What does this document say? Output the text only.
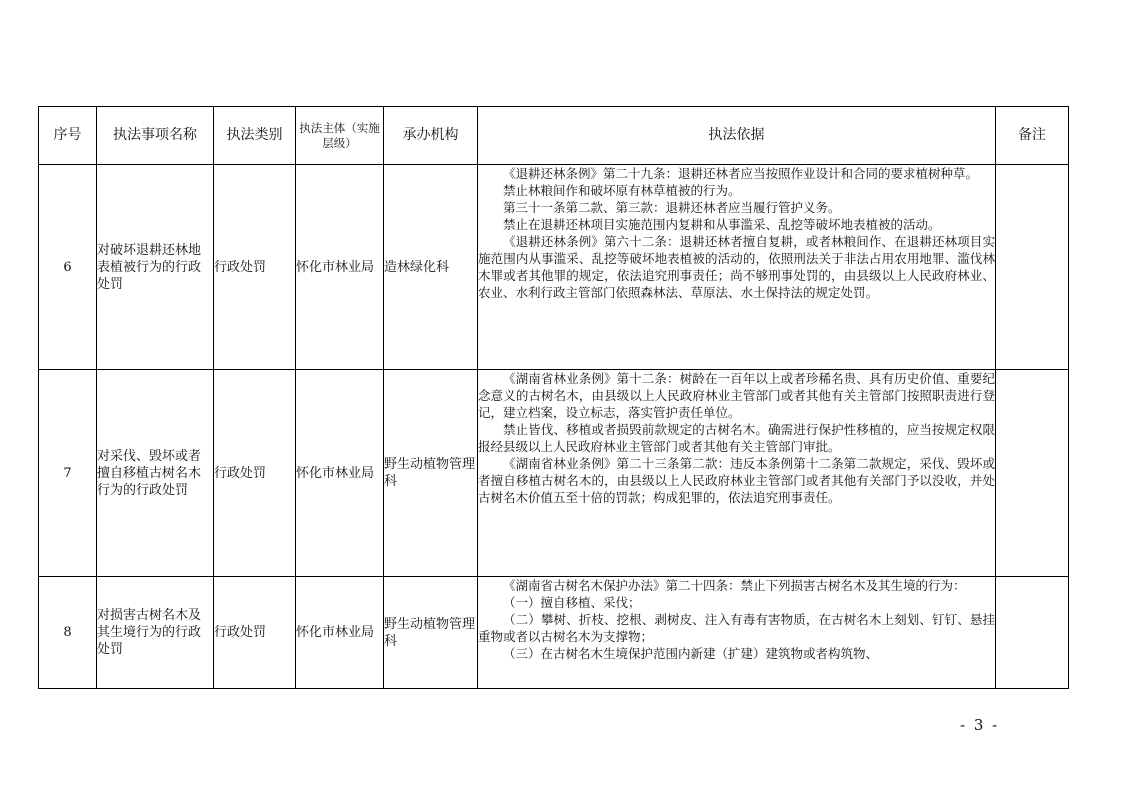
序号	执法事项名称	执法类别	执法主体（实施层级）	承办机构	执法依据	备注
6	对破坏退耕还林地表植被行为的行政处罚	行政处罚	怀化市林业局	造林绿化科	《退耕还林条例》第二十九条：退耕还林者应当按照作业设计和合同的要求植树种草。

禁止林粮间作和破坏原有林草植被的行为。

第三十一条第二款、第三款：退耕还林者应当履行管护义务。

禁止在退耕还林项目实施范围内复耕和从事滥采、乱挖等破坏地表植被的活动。

《退耕还林条例》第六十二条：退耕还林者擅自复耕，或者林粮间作、在退耕还林项目实施范围内从事滥采、乱挖等破坏地表植被的活动的，依照刑法关于非法占用农用地罪、滥伐林木罪或者其他罪的规定，依法追究刑事责任；尚不够刑事处罚的，由县级以上人民政府林业、农业、水利行政主管部门依照森林法、草原法、水土保持法的规定处罚。	

7	对采伐、毁坏或者擅自移植古树名木行为的行政处罚	行政处罚	怀化市林业局	野生动植物管理科	《湖南省林业条例》第十二条：树龄在一百年以上或者珍稀名贵、具有历史价值、重要纪念意义的古树名木，由县级以上人民政府林业主管部门或者其他有关主管部门按照职责进行登记，建立档案，设立标志，落实管护责任单位。

禁止皆伐、移植或者损毁前款规定的古树名木。确需进行保护性移植的，应当按规定权限报经县级以上人民政府林业主管部门或者其他有关主管部门审批。

《湖南省林业条例》第二十三条第二款：违反本条例第十二条第二款规定，采伐、毁坏或者擅自移植古树名木的，由县级以上人民政府林业主管部门或者其他有关部门予以没收，并处古树名木价值五至十倍的罚款；构成犯罪的，依法追究刑事责任。	

8	对损害古树名木及其生境行为的行政处罚	行政处罚	怀化市林业局	野生动植物管理科	《湖南省古树名木保护办法》第二十四条：禁止下列损害古树名木及其生境的行为：

（一）擅自移植、采伐；

（二）攀树、折枝、挖根、剥树皮、注入有毒有害物质，在古树名木上刻划、钉钉、悬挂重物或者以古树名木为支撑物；

（三）在古树名木生境保护范围内新建（扩建）建筑物或者构筑物、	

- 3 -
